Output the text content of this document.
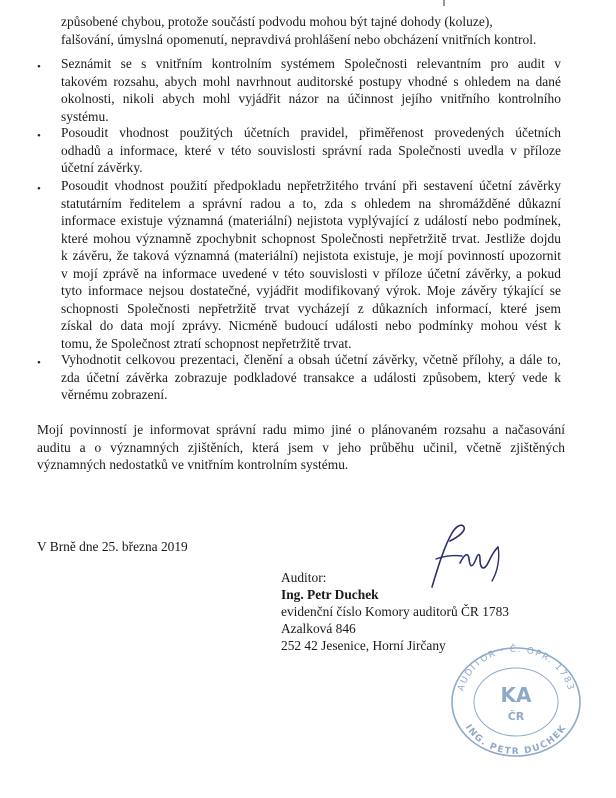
způsobené chybou, protože součástí podvodu mohou být tajné dohody (koluze),
falšování, úmyslná opomenutí, nepravdivá prohlášení nebo obcházení vnitřních kontrol.
• Seznámit se s vnitřním kontrolním systémem Společnosti relevantním pro audit v
takovém rozsahu, abych mohl navrhnout auditorské postupy vhodné s ohledem na dané
okolnosti, nikoli abych mohl vyjádřit názor na účinnost jejího vnitřního kontrolního
systému.
• Posoudit vhodnost použitých účetních pravidel, přiměřenost provedených účetních
odhadů a informace, které v této souvislosti správní rada Společnosti uvedla v příloze
účetní závěrky.
• Posoudit vhodnost použití předpokladu nepřetržitého trvání při sestavení účetní závěrky
statutárním ředitelem a správní radou a to, zda s ohledem na shromážděné důkazní
informace existuje významná (materiální) nejistota vyplývající z událostí nebo podmínek,
které mohou významně zpochybnit schopnost Společnosti nepřetržitě trvat. Jestliže dojdu
k závěru, že taková významná (materiální) nejistota existuje, je mojí povinností upozornit
v mojí zprávě na informace uvedené v této souvislosti v příloze účetní závěrky, a pokud
tyto informace nejsou dostatečné, vyjádřit modifikovaný výrok. Moje závěry týkající se
schopnosti Společnosti nepřetržitě trvat vycházejí z důkazních informací, které jsem
získal do data mojí zprávy. Nicméně budoucí události nebo podmínky mohou vést k
tomu, že Společnost ztratí schopnost nepřetržitě trvat.
• Vyhodnotit celkovou prezentaci, členění a obsah účetní závěrky, včetně přílohy, a dále to,
zda účetní závěrka zobrazuje podkladové transakce a události způsobem, který vede k
věrnému zobrazení.
Mojí povinností je informovat správní radu mimo jiné o plánovaném rozsahu a načasování
auditu a o významných zjištěních, která jsem v jeho průběhu učinil, včetně zjištěných
významných nedostatků ve vnitřním kontrolním systému.

V Brně dne 25. března 2019

Auditor:

Ing. Petr Duchek

evidenční číslo Komory auditorů ČR 1783

Azalková 846

252 42 Jesenice, Horní Jirčany

AUDITOR · Č. OPR. 1783
ING. PETR DUCHEK
KA
ČR
